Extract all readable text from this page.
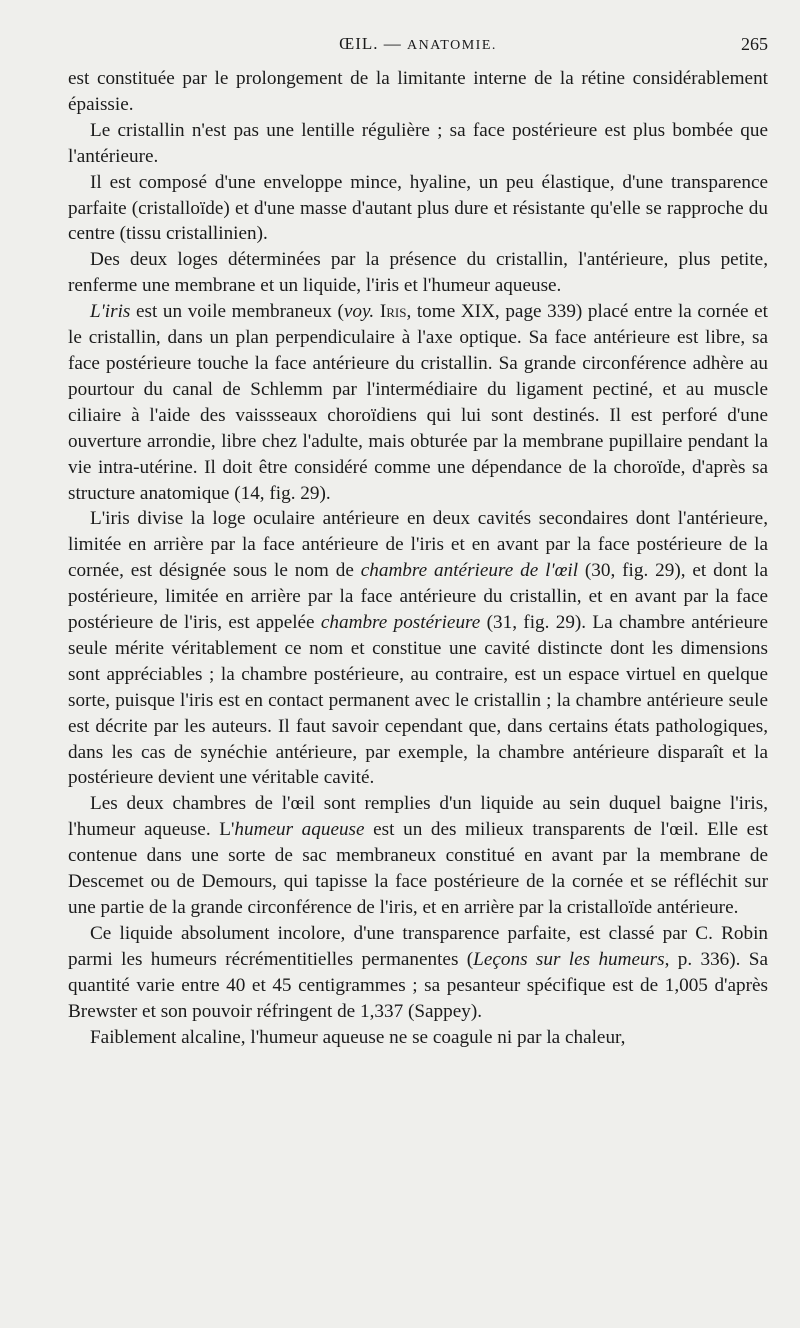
ŒIL. — ANATOMIE.	265

est constituée par le prolongement de la limitante interne de la rétine considérablement épaissie.

Le cristallin n'est pas une lentille régulière ; sa face postérieure est plus bombée que l'antérieure.

Il est composé d'une enveloppe mince, hyaline, un peu élastique, d'une transparence parfaite (cristalloïde) et d'une masse d'autant plus dure et résistante qu'elle se rapproche du centre (tissu cristallinien).

Des deux loges déterminées par la présence du cristallin, l'antérieure, plus petite, renferme une membrane et un liquide, l'iris et l'humeur aqueuse.

L'iris est un voile membraneux (voy. Iris, tome XIX, page 339) placé entre la cornée et le cristallin, dans un plan perpendiculaire à l'axe optique. Sa face antérieure est libre, sa face postérieure touche la face antérieure du cristallin. Sa grande circonférence adhère au pourtour du canal de Schlemm par l'intermédiaire du ligament pectiné, et au muscle ciliaire à l'aide des vaissseaux choroïdiens qui lui sont destinés. Il est perforé d'une ouverture arrondie, libre chez l'adulte, mais obturée par la membrane pupillaire pendant la vie intra-utérine. Il doit être considéré comme une dépendance de la choroïde, d'après sa structure anatomique (14, fig. 29).

L'iris divise la loge oculaire antérieure en deux cavités secondaires dont l'antérieure, limitée en arrière par la face antérieure de l'iris et en avant par la face postérieure de la cornée, est désignée sous le nom de chambre antérieure de l'œil (30, fig. 29), et dont la postérieure, limitée en arrière par la face antérieure du cristallin, et en avant par la face postérieure de l'iris, est appelée chambre postérieure (31, fig. 29). La chambre antérieure seule mérite véritablement ce nom et constitue une cavité distincte dont les dimensions sont appréciables ; la chambre postérieure, au contraire, est un espace virtuel en quelque sorte, puisque l'iris est en contact permanent avec le cristallin ; la chambre antérieure seule est décrite par les auteurs. Il faut savoir cependant que, dans certains états pathologiques, dans les cas de synéchie antérieure, par exemple, la chambre antérieure disparaît et la postérieure devient une véritable cavité.

Les deux chambres de l'œil sont remplies d'un liquide au sein duquel baigne l'iris, l'humeur aqueuse. L'humeur aqueuse est un des milieux transparents de l'œil. Elle est contenue dans une sorte de sac membraneux constitué en avant par la membrane de Descemet ou de Demours, qui tapisse la face postérieure de la cornée et se réfléchit sur une partie de la grande circonférence de l'iris, et en arrière par la cristalloïde antérieure.

Ce liquide absolument incolore, d'une transparence parfaite, est classé par C. Robin parmi les humeurs récrémentitielles permanentes (Leçons sur les humeurs, p. 336). Sa quantité varie entre 40 et 45 centigrammes ; sa pesanteur spécifique est de 1,005 d'après Brewster et son pouvoir réfringent de 1,337 (Sappey).

Faiblement alcaline, l'humeur aqueuse ne se coagule ni par la chaleur,
